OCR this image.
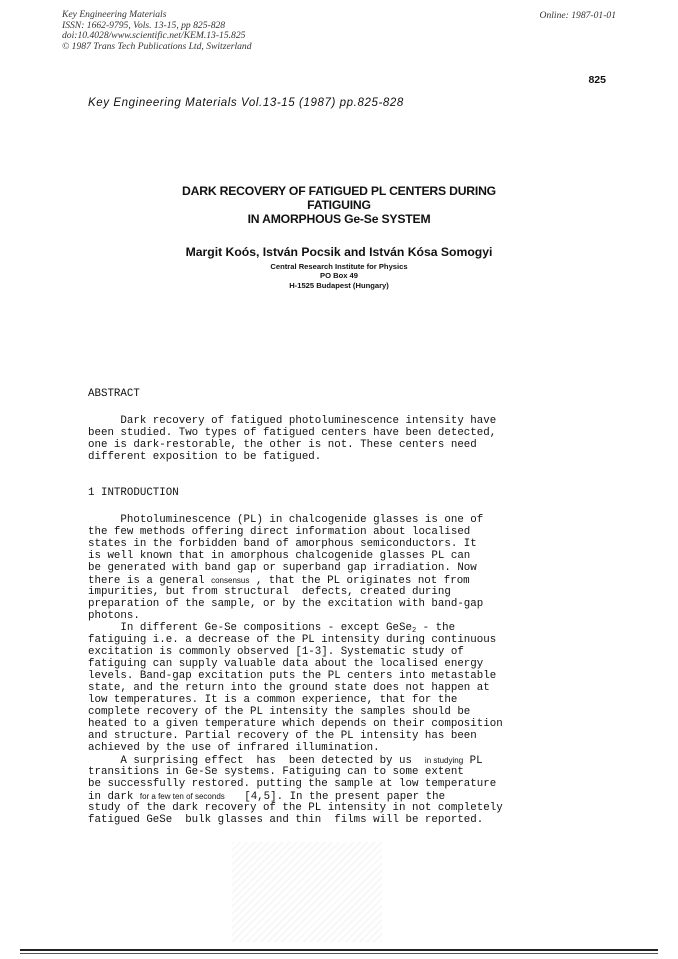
Key Engineering Materials
ISSN: 1662-9795, Vols. 13-15, pp 825-828
doi:10.4028/www.scientific.net/KEM.13-15.825
© 1987 Trans Tech Publications Ltd, Switzerland
Online: 1987-01-01
825
Key Engineering Materials Vol.13-15 (1987) pp.825-828
DARK RECOVERY OF FATIGUED PL CENTERS DURING
FATIGUING
IN AMORPHOUS Ge-Se SYSTEM
Margit Koós, István Pocsik and István Kósa Somogyi
Central Research Institute for Physics
PO Box 49
H-1525 Budapest (Hungary)
ABSTRACT
Dark recovery of fatigued photoluminescence intensity have
been studied. Two types of fatigued centers have been detected,
one is dark-restorable, the other is not. These centers need
different exposition to be fatigued.
1 INTRODUCTION
Photoluminescence (PL) in chalcogenide glasses is one of
the few methods offering direct information about localised
states in the forbidden band of amorphous semiconductors. It
is well known that in amorphous chalcogenide glasses PL can
be generated with band gap or superband gap irradiation. Now
there is a general consensus , that the PL originates not from
impurities, but from structural  defects, created during
preparation of the sample, or by the excitation with band-gap
photons.
In different Ge-Se compositions - except GeSe$_2$ - the
fatiguing i.e. a decrease of the PL intensity during continuous
excitation is commonly observed [1-3]. Systematic study of
fatiguing can supply valuable data about the localised energy
levels. Band-gap excitation puts the PL centers into metastable
state, and the return into the ground state does not happen at
low temperatures. It is a common experience, that for the
complete recovery of the PL intensity the samples should be
heated to a given temperature which depends on their composition
and structure. Partial recovery of the PL intensity has been
achieved by the use of infrared illumination.
A surprising effect  has  been detected by us  in studying PL
transitions in Ge-Se systems. Fatiguing can to some extent
be successfully restored. putting the sample at low temperature
in dark for a few ten of seconds   [4,5]. In the present paper the
study of the dark recovery of the PL intensity in not completely
fatigued GeSe  bulk glasses and thin  films will be reported.
